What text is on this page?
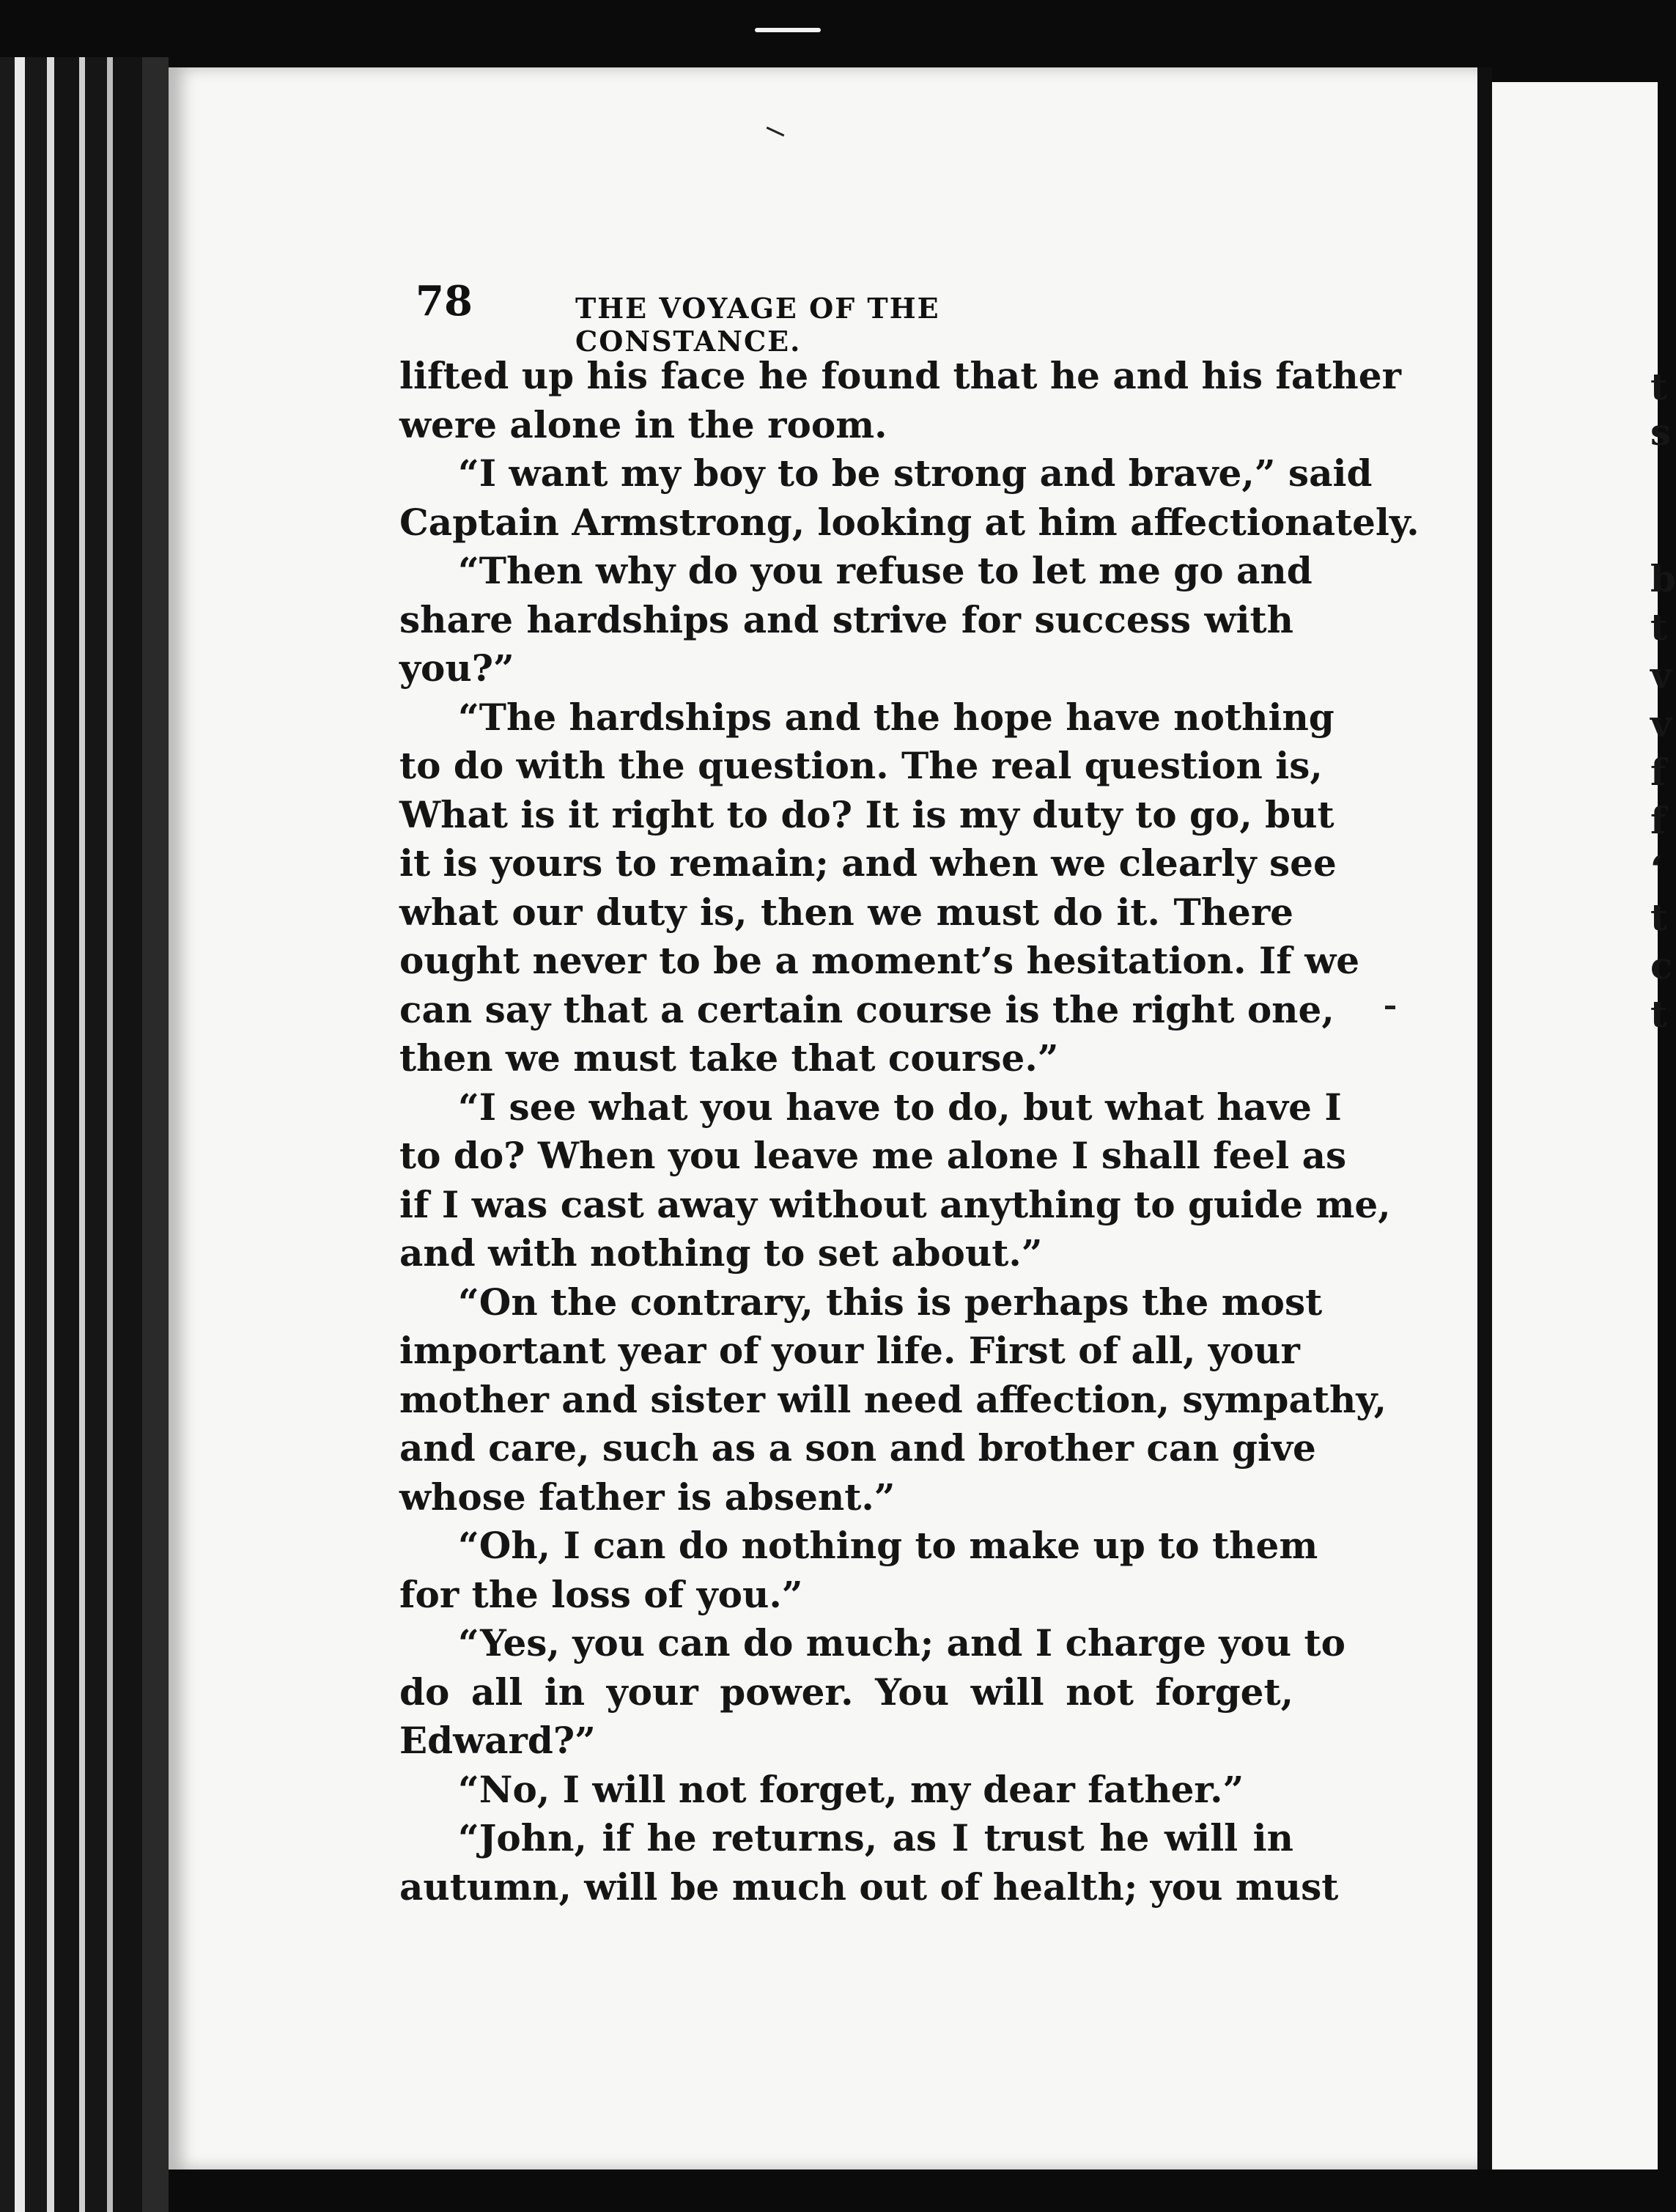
78	THE VOYAGE OF THE CONSTANCE.
lifted up his face he found that he and his father
were alone in the room.
“I want my boy to be strong and brave,” said
Captain Armstrong, looking at him affectionately.
“Then why do you refuse to let me go and
share hardships and strive for success with
you?”
“The hardships and the hope have nothing
to do with the question. The real question is,
What is it right to do? It is my duty to go, but
it is yours to remain; and when we clearly see
what our duty is, then we must do it. There
ought never to be a moment’s hesitation. If we
can say that a certain course is the right one,
then we must take that course.”
“I see what you have to do, but what have I
to do? When you leave me alone I shall feel as
if I was cast away without anything to guide me,
and with nothing to set about.”
“On the contrary, this is perhaps the most
important year of your life. First of all, your
mother and sister will need affection, sympathy,
and care, such as a son and brother can give
whose father is absent.”
“Oh, I can do nothing to make up to them
for the loss of you.”
“Yes, you can do much; and I charge you to
do all in your power. You will not forget,
Edward?”
“No, I will not forget, my dear father.”
“John, if he returns, as I trust he will in
autumn, will be much out of health; you must
t
s
b
t
v
v
f
f
‘
t
c
t
